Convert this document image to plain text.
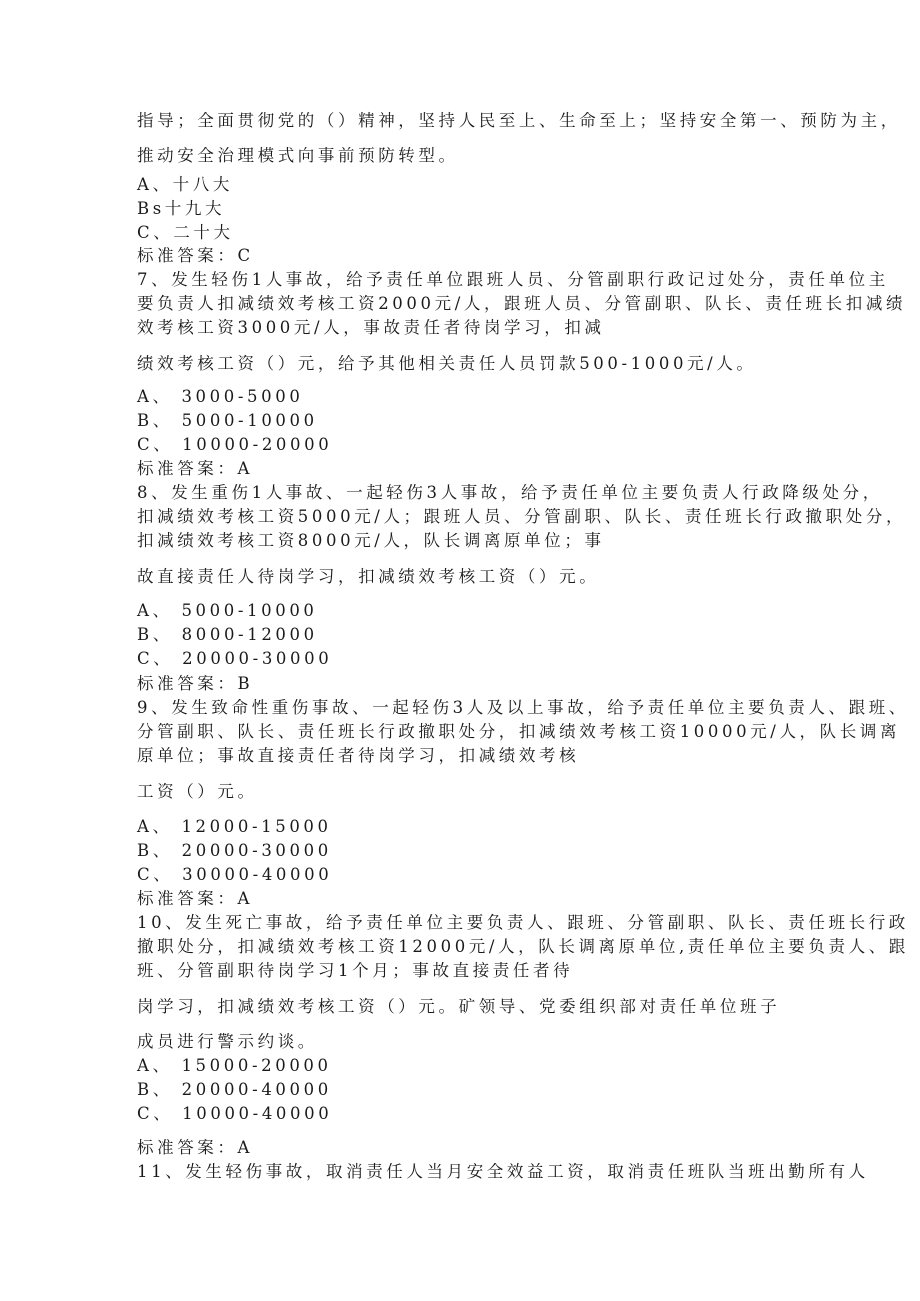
指导；全面贯彻党的（）精神，坚持人民至上、生命至上；坚持安全第一、预防为主，
推动安全治理模式向事前预防转型。
A、十八大
Bs十九大
C、二十大
标准答案：C
7、发生轻伤1人事故，给予责任单位跟班人员、分管副职行政记过处分，责任单位主
要负责人扣减绩效考核工资2000元/人，跟班人员、分管副职、队长、责任班长扣减绩
效考核工资3000元/人，事故责任者待岗学习，扣减
绩效考核工资（）元，给予其他相关责任人员罚款500-1000元/人。
A、 3000-5000
B、 5000-10000
C、 10000-20000
标准答案：A
8、发生重伤1人事故、一起轻伤3人事故，给予责任单位主要负责人行政降级处分，
扣减绩效考核工资5000元/人；跟班人员、分管副职、队长、责任班长行政撤职处分，
扣减绩效考核工资8000元/人，队长调离原单位；事
故直接责任人待岗学习，扣减绩效考核工资（）元。
A、 5000-10000
B、 8000-12000
C、 20000-30000
标准答案：B
9、发生致命性重伤事故、一起轻伤3人及以上事故，给予责任单位主要负责人、跟班、
分管副职、队长、责任班长行政撤职处分，扣减绩效考核工资10000元/人，队长调离
原单位；事故直接责任者待岗学习，扣减绩效考核
工资（）元。
A、 12000-15000
B、 20000-30000
C、 30000-40000
标准答案：A
10、发生死亡事故，给予责任单位主要负责人、跟班、分管副职、队长、责任班长行政
撤职处分，扣减绩效考核工资12000元/人，队长调离原单位,责任单位主要负责人、跟
班、分管副职待岗学习1个月；事故直接责任者待
岗学习，扣减绩效考核工资（）元。矿领导、党委组织部对责任单位班子
成员进行警示约谈。
A、 15000-20000
B、 20000-40000
C、 10000-40000
标准答案：A
11、发生轻伤事故，取消责任人当月安全效益工资，取消责任班队当班出勤所有人
